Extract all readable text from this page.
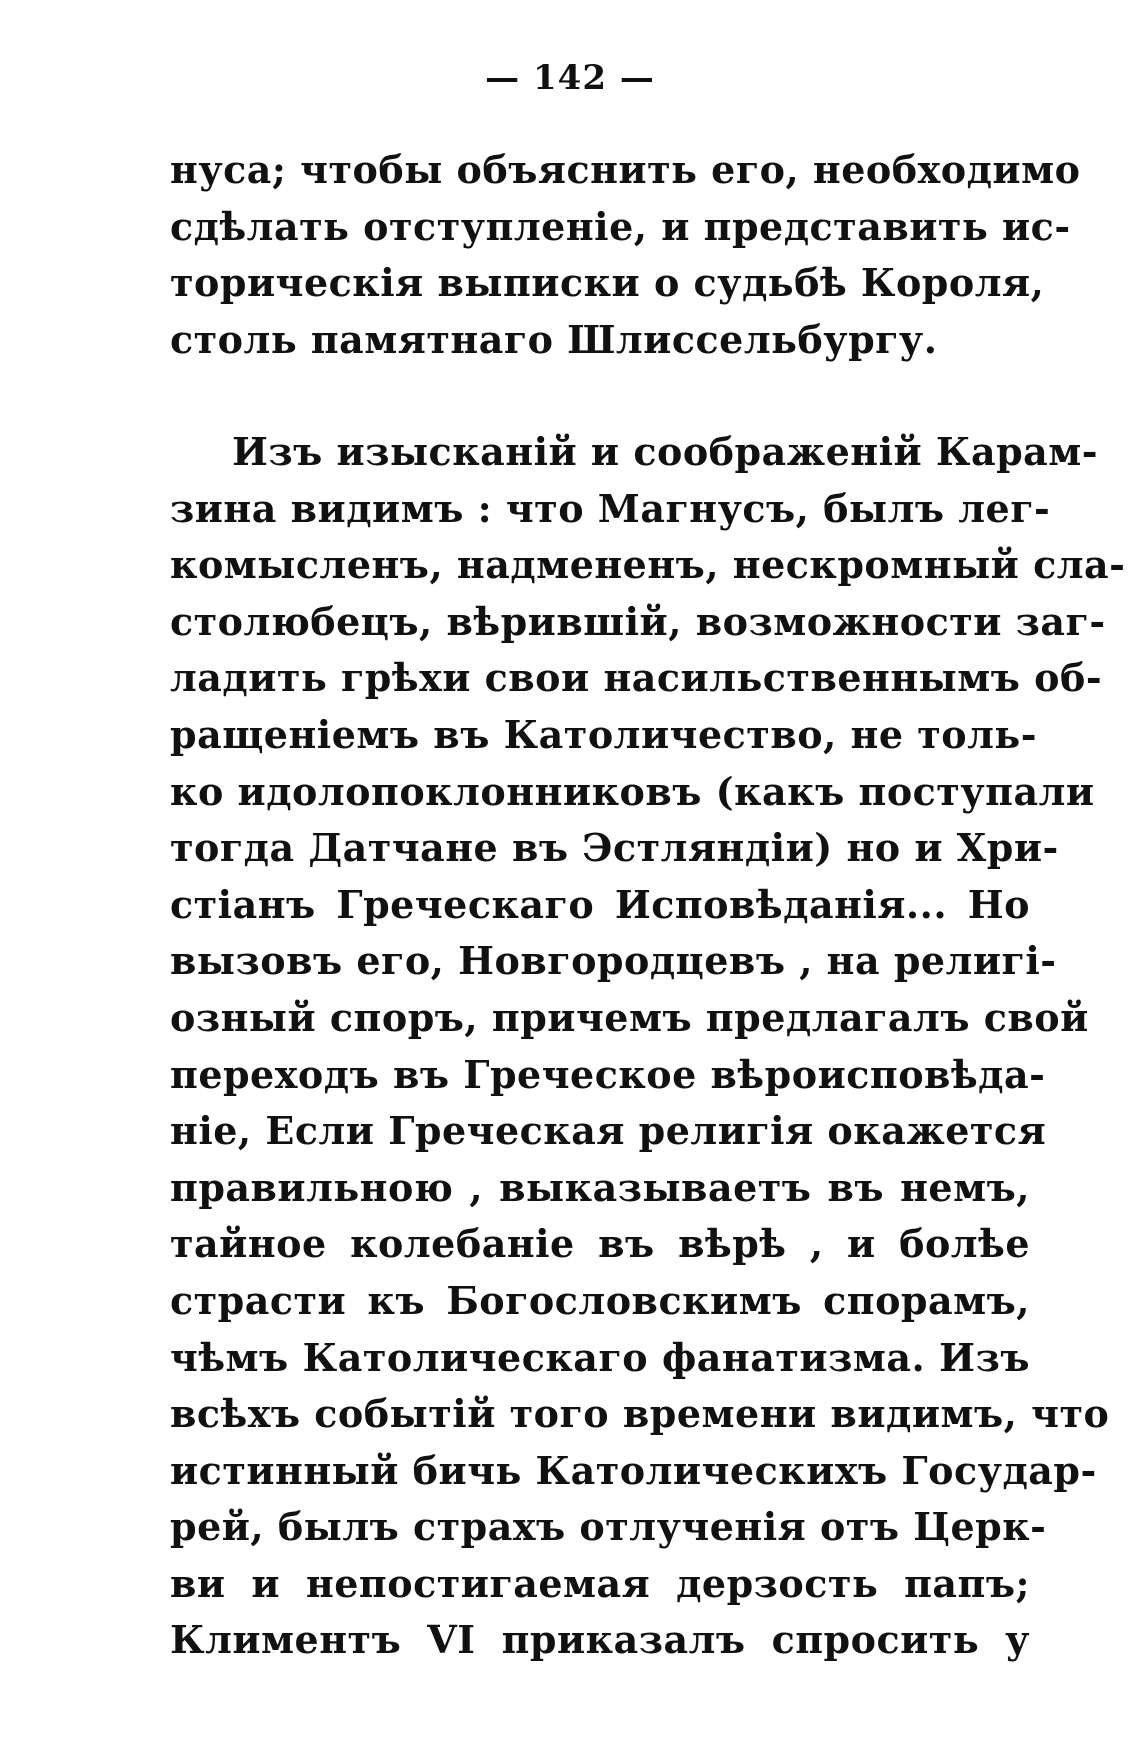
— 142 —
нуса; чтобы объяснить его, необходимо
сдѣлать отступленіе, и представить ис-
торическія выписки о судьбѣ Короля,
столь памятнаго Шлиссельбургу.
Изъ изысканій и соображеній Карам-
зина видимъ : что Магнусъ, былъ лег-
комысленъ, надмененъ, нескромный сла-
столюбецъ, вѣрившій, возможности заг-
ладить грѣхи свои насильственнымъ об-
ращеніемъ въ Католичество, не толь-
ко идолопоклонниковъ (какъ поступали
тогда Датчане въ Эстляндіи) но и Хри-
стіанъ Греческаго Исповѣданія... Но
вызовъ его, Новгородцевъ , на религі-
озный споръ, причемъ предлагалъ свой
переходъ въ Греческое вѣроисповѣда-
ніе, Если Греческая религія окажется
правильною , выказываетъ въ немъ,
тайное колебаніе въ вѣрѣ , и болѣе
страсти къ Богословскимъ спорамъ,
чѣмъ Католическаго фанатизма. Изъ
всѣхъ событій того времени видимъ, что
истинный бичь Католическихъ Государ-
рей, былъ страхъ отлученія отъ Церк-
ви и непостигаемая дерзость папъ;
Климентъ VI приказалъ спросить у
